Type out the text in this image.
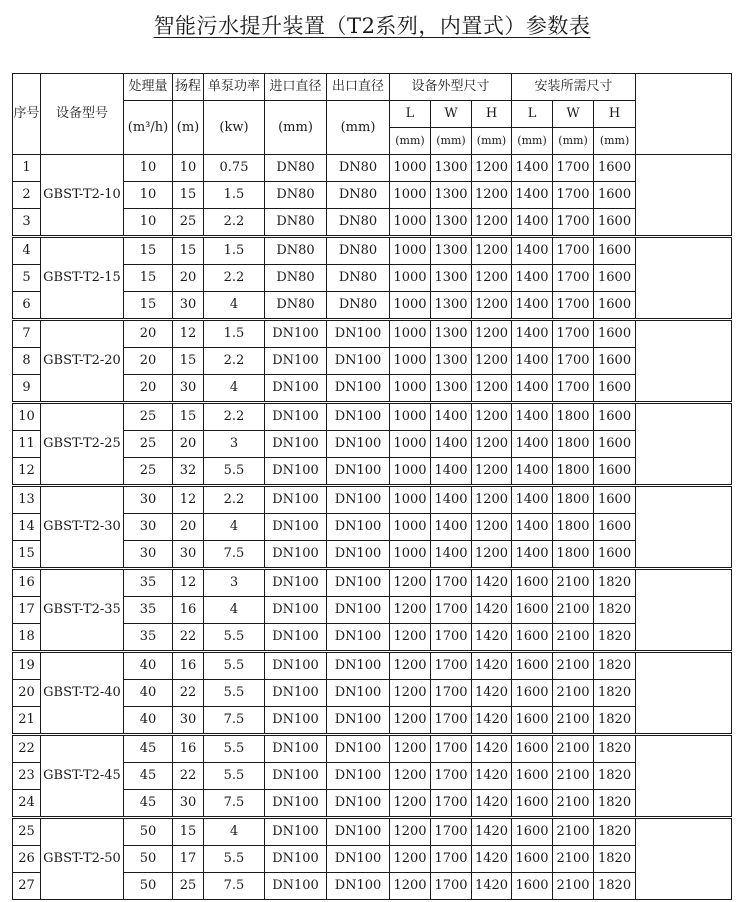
智能污水提升装置（T2系列，内置式）参数表
序号	设备型号	处理量	扬程	单泵功率	进口直径	出口直径	设备外型尺寸			安装所需尺寸			
		(m³/h)	(m)	(kw)	(mm)	(mm)	L	W	H	L	W	H	
							(mm)	(mm)	(mm)	(mm)	(mm)	(mm)	
1	GBST-T2-10	10	10	0.75	DN80	DN80	1000	1300	1200	1400	1700	1600	
2		10	15	1.5	DN80	DN80	1000	1300	1200	1400	1700	1600	
3		10	25	2.2	DN80	DN80	1000	1300	1200	1400	1700	1600	
4	GBST-T2-15	15	15	1.5	DN80	DN80	1000	1300	1200	1400	1700	1600	
5		15	20	2.2	DN80	DN80	1000	1300	1200	1400	1700	1600	
6		15	30	4	DN80	DN80	1000	1300	1200	1400	1700	1600	
7	GBST-T2-20	20	12	1.5	DN100	DN100	1000	1300	1200	1400	1700	1600	
8		20	15	2.2	DN100	DN100	1000	1300	1200	1400	1700	1600	
9		20	30	4	DN100	DN100	1000	1300	1200	1400	1700	1600	
10	GBST-T2-25	25	15	2.2	DN100	DN100	1000	1400	1200	1400	1800	1600	
11		25	20	3	DN100	DN100	1000	1400	1200	1400	1800	1600	
12		25	32	5.5	DN100	DN100	1000	1400	1200	1400	1800	1600	
13	GBST-T2-30	30	12	2.2	DN100	DN100	1000	1400	1200	1400	1800	1600	
14		30	20	4	DN100	DN100	1000	1400	1200	1400	1800	1600	
15		30	30	7.5	DN100	DN100	1000	1400	1200	1400	1800	1600	
16	GBST-T2-35	35	12	3	DN100	DN100	1200	1700	1420	1600	2100	1820	
17		35	16	4	DN100	DN100	1200	1700	1420	1600	2100	1820	
18		35	22	5.5	DN100	DN100	1200	1700	1420	1600	2100	1820	
19	GBST-T2-40	40	16	5.5	DN100	DN100	1200	1700	1420	1600	2100	1820	
20		40	22	5.5	DN100	DN100	1200	1700	1420	1600	2100	1820	
21		40	30	7.5	DN100	DN100	1200	1700	1420	1600	2100	1820	
22	GBST-T2-45	45	16	5.5	DN100	DN100	1200	1700	1420	1600	2100	1820	
23		45	22	5.5	DN100	DN100	1200	1700	1420	1600	2100	1820	
24		45	30	7.5	DN100	DN100	1200	1700	1420	1600	2100	1820	
25	GBST-T2-50	50	15	4	DN100	DN100	1200	1700	1420	1600	2100	1820	
26		50	17	5.5	DN100	DN100	1200	1700	1420	1600	2100	1820	
27		50	25	7.5	DN100	DN100	1200	1700	1420	1600	2100	1820	
